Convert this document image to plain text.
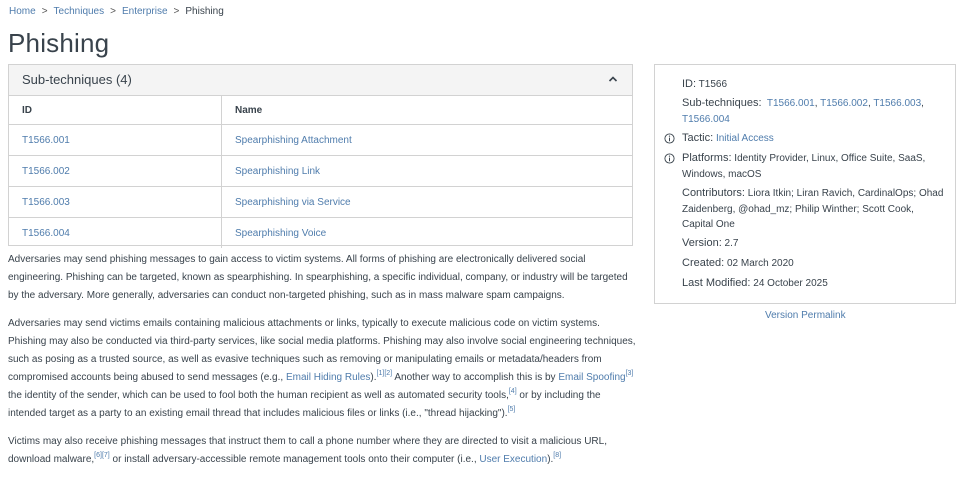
Home > Techniques > Enterprise > Phishing
Phishing
Sub-techniques (4)
ID	Name
T1566.001	Spearphishing Attachment
T1566.002	Spearphishing Link
T1566.003	Spearphishing via Service
T1566.004	Spearphishing Voice

Adversaries may send phishing messages to gain access to victim systems. All forms of phishing are electronically delivered social engineering. Phishing can be targeted, known as spearphishing. In spearphishing, a specific individual, company, or industry will be targeted by the adversary. More generally, adversaries can conduct non-targeted phishing, such as in mass malware spam campaigns.

Adversaries may send victims emails containing malicious attachments or links, typically to execute malicious code on victim systems. Phishing may also be conducted via third-party services, like social media platforms. Phishing may also involve social engineering techniques, such as posing as a trusted source, as well as evasive techniques such as removing or manipulating emails or metadata/headers from compromised accounts being abused to send messages (e.g., Email Hiding Rules).[1][2] Another way to accomplish this is by Email Spoofing[3] the identity of the sender, which can be used to fool both the human recipient as well as automated security tools,[4] or by including the intended target as a party to an existing email thread that includes malicious files or links (i.e., "thread hijacking").[5]

Victims may also receive phishing messages that instruct them to call a phone number where they are directed to visit a malicious URL, download malware,[6][7] or install adversary-accessible remote management tools onto their computer (i.e., User Execution).[8]

ID: T1566
Sub-techniques: T1566.001, T1566.002, T1566.003, T1566.004
Tactic: Initial Access
Platforms: Identity Provider, Linux, Office Suite, SaaS, Windows, macOS
Contributors: Liora Itkin; Liran Ravich, CardinalOps; Ohad Zaidenberg, @ohad_mz; Philip Winther; Scott Cook, Capital One
Version: 2.7
Created: 02 March 2020
Last Modified: 24 October 2025
Version Permalink
